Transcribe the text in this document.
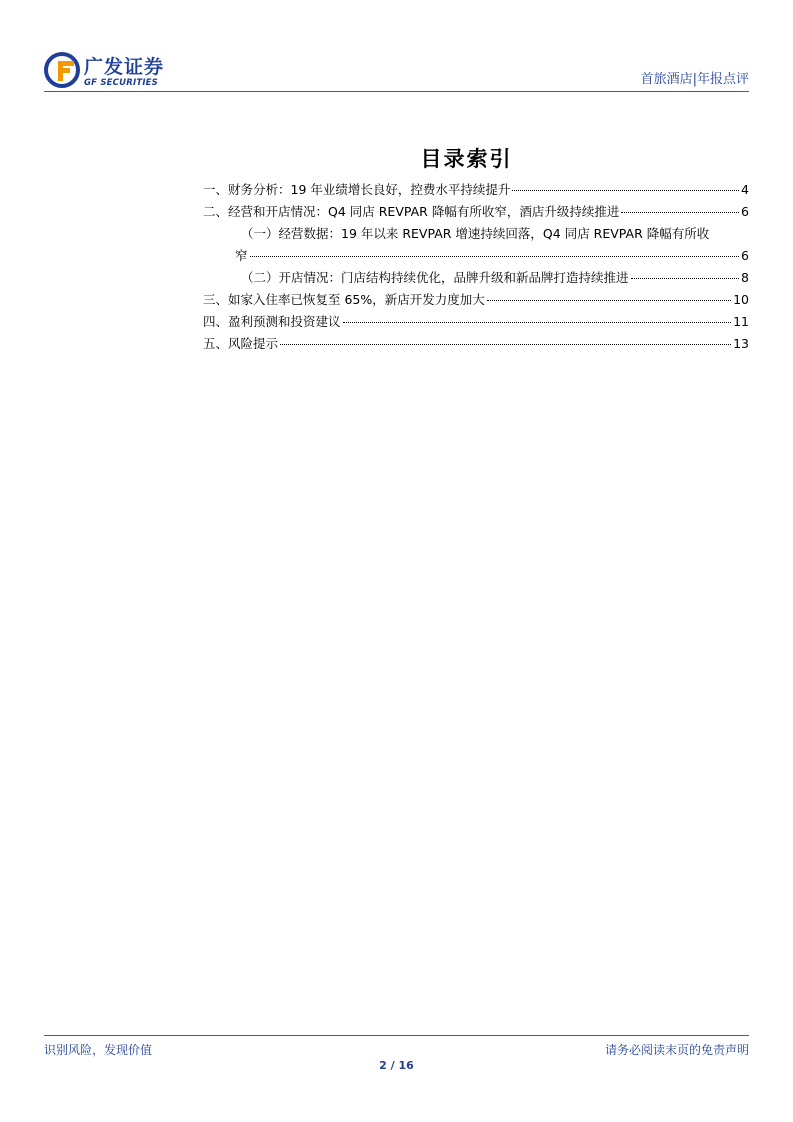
广发证券
GF SECURITIES	首旅酒店|年报点评
目录索引
一、财务分析：19 年业绩增长良好，控费水平持续提升	4
二、经营和开店情况：Q4 同店 REVPAR 降幅有所收窄，酒店升级持续推进	6
（一）经营数据：19 年以来 REVPAR 增速持续回落，Q4 同店 REVPAR 降幅有所收
窄	6
（二）开店情况：门店结构持续优化，品牌升级和新品牌打造持续推进	8
三、如家入住率已恢复至 65%，新店开发力度加大	10
四、盈利预测和投资建议	11
五、风险提示	13
识别风险，发现价值	请务必阅读末页的免责声明
2 / 16
